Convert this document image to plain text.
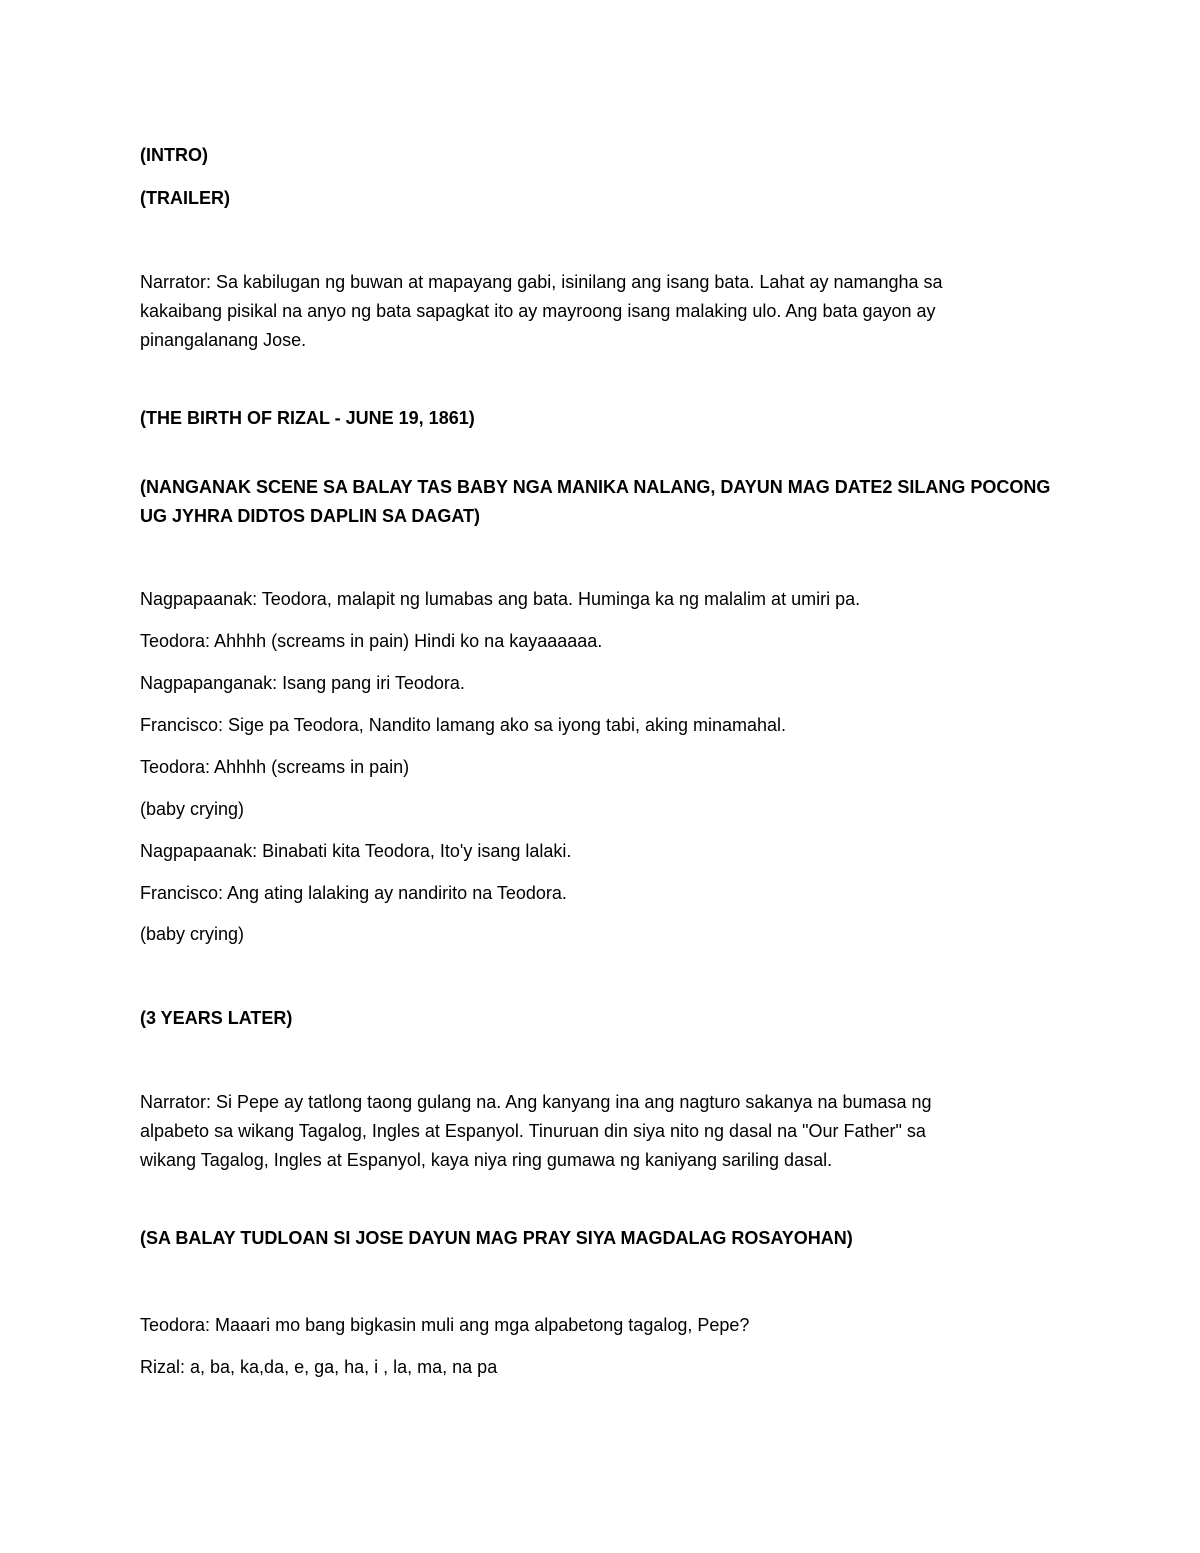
(INTRO)
(TRAILER)
Narrator: Sa kabilugan ng buwan at mapayang gabi, isinilang ang isang bata. Lahat ay namangha sa
kakaibang pisikal na anyo ng bata sapagkat ito ay mayroong isang malaking ulo. Ang bata gayon ay
pinangalanang Jose.
(THE BIRTH OF RIZAL - JUNE 19, 1861)
(NANGANAK SCENE SA BALAY TAS BABY NGA MANIKA NALANG, DAYUN MAG DATE2 SILANG POCONG
UG JYHRA DIDTOS DAPLIN SA DAGAT)
Nagpapaanak: Teodora, malapit ng lumabas ang bata. Huminga ka ng malalim at umiri pa.
Teodora: Ahhhh (screams in pain) Hindi ko na kayaaaaaa.
Nagpapanganak: Isang pang iri Teodora.
Francisco: Sige pa Teodora, Nandito lamang ako sa iyong tabi, aking minamahal.
Teodora: Ahhhh (screams in pain)
(baby crying)
Nagpapaanak: Binabati kita Teodora, Ito'y isang lalaki.
Francisco: Ang ating lalaking ay nandirito na Teodora.
(baby crying)
(3 YEARS LATER)
Narrator: Si Pepe ay tatlong taong gulang na. Ang kanyang ina ang nagturo sakanya na bumasa ng
alpabeto sa wikang Tagalog, Ingles at Espanyol. Tinuruan din siya nito ng dasal na "Our Father" sa
wikang Tagalog, Ingles at Espanyol, kaya niya ring gumawa ng kaniyang sariling dasal.
(SA BALAY TUDLOAN SI JOSE DAYUN MAG PRAY SIYA MAGDALAG ROSAYOHAN)
Teodora: Maaari mo bang bigkasin muli ang mga alpabetong tagalog, Pepe?
Rizal: a, ba, ka,da, e, ga, ha, i , la, ma, na pa
